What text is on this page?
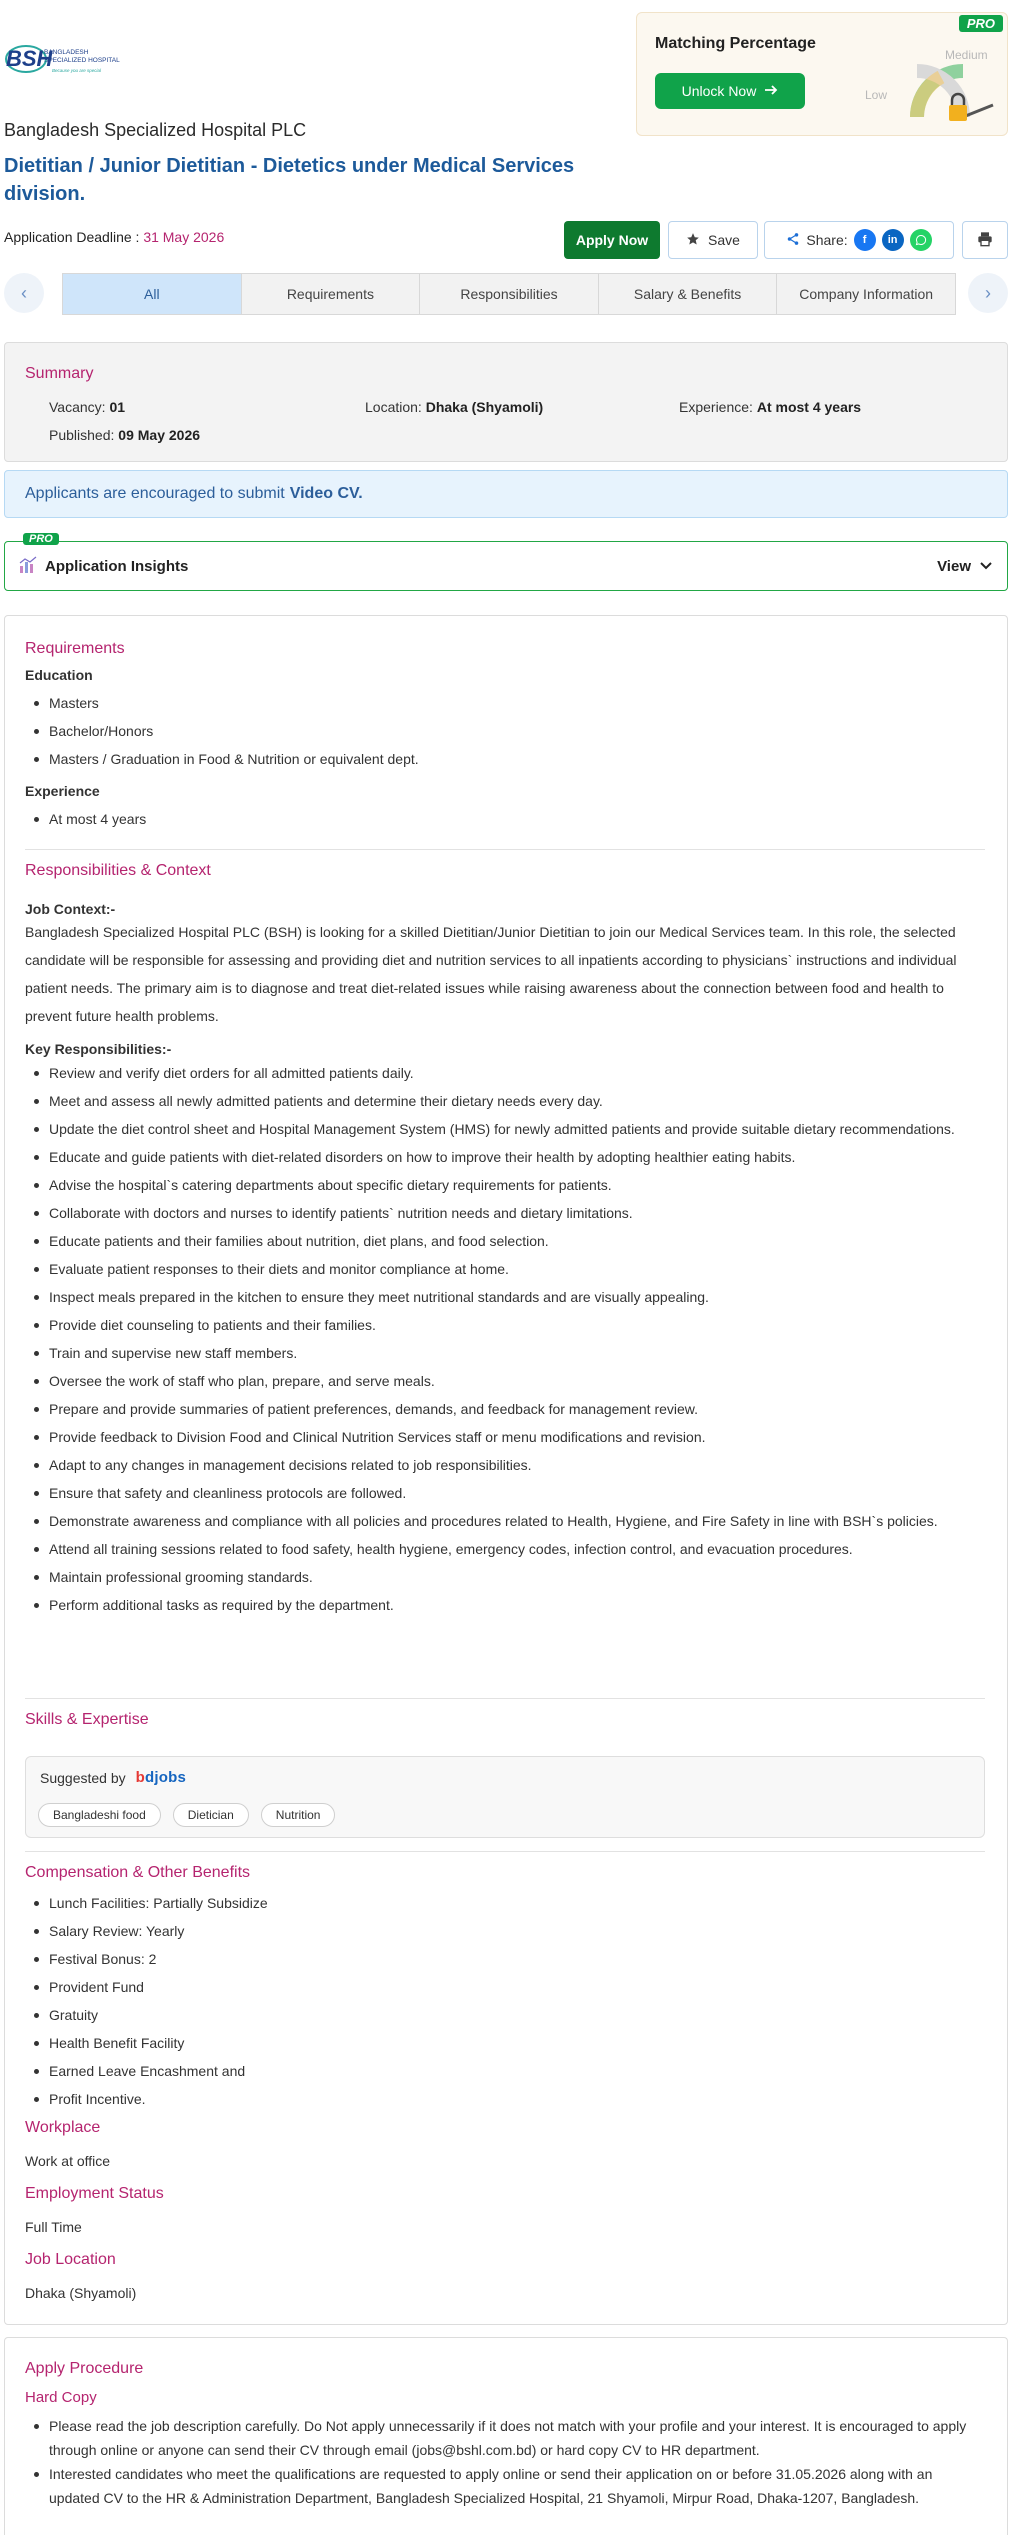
BSH
BANGLADESH
SPECIALIZED HOSPITAL
Because you are special
Bangladesh Specialized Hospital PLC
Dietitian / Junior Dietitian - Dietetics under Medical Services division.
Application Deadline : 31 May 2026
Matching Percentage
Unlock Now
PRO
Medium
Low
Apply Now	Save	Share:	f	in
‹	All	Requirements	Responsibilities	Salary & Benefits	Company Information	›
Summary
Vacancy: 01	Location: Dhaka (Shyamoli)	Experience: At most 4 years
Published: 09 May 2026
Applicants are encouraged to submit Video CV.
PRO
Application Insights	View
Requirements
Education
Masters
Bachelor/Honors
Masters / Graduation in Food & Nutrition or equivalent dept.
Experience
At most 4 years
Responsibilities & Context
Job Context:-
Bangladesh Specialized Hospital PLC (BSH) is looking for a skilled Dietitian/Junior Dietitian to join our Medical Services team. In this role, the selected candidate will be responsible for assessing and providing diet and nutrition services to all inpatients according to physicians` instructions and individual patient needs. The primary aim is to diagnose and treat diet-related issues while raising awareness about the connection between food and health to prevent future health problems.
Key Responsibilities:-
Review and verify diet orders for all admitted patients daily.
Meet and assess all newly admitted patients and determine their dietary needs every day.
Update the diet control sheet and Hospital Management System (HMS) for newly admitted patients and provide suitable dietary recommendations.
Educate and guide patients with diet-related disorders on how to improve their health by adopting healthier eating habits.
Advise the hospital`s catering departments about specific dietary requirements for patients.
Collaborate with doctors and nurses to identify patients` nutrition needs and dietary limitations.
Educate patients and their families about nutrition, diet plans, and food selection.
Evaluate patient responses to their diets and monitor compliance at home.
Inspect meals prepared in the kitchen to ensure they meet nutritional standards and are visually appealing.
Provide diet counseling to patients and their families.
Train and supervise new staff members.
Oversee the work of staff who plan, prepare, and serve meals.
Prepare and provide summaries of patient preferences, demands, and feedback for management review.
Provide feedback to Division Food and Clinical Nutrition Services staff or menu modifications and revision.
Adapt to any changes in management decisions related to job responsibilities.
Ensure that safety and cleanliness protocols are followed.
Demonstrate awareness and compliance with all policies and procedures related to Health, Hygiene, and Fire Safety in line with BSH`s policies.
Attend all training sessions related to food safety, health hygiene, emergency codes, infection control, and evacuation procedures.
Maintain professional grooming standards.
Perform additional tasks as required by the department.
Skills & Expertise
Suggested by bdjobs
Bangladeshi food	Dietician	Nutrition
Compensation & Other Benefits
Lunch Facilities: Partially Subsidize
Salary Review: Yearly
Festival Bonus: 2
Provident Fund
Gratuity
Health Benefit Facility
Earned Leave Encashment and
Profit Incentive.
Workplace
Work at office
Employment Status
Full Time
Job Location
Dhaka (Shyamoli)
Apply Procedure
Hard Copy
Please read the job description carefully. Do Not apply unnecessarily if it does not match with your profile and your interest. It is encouraged to apply through online or anyone can send their CV through email (jobs@bshl.com.bd) or hard copy CV to HR department.
Interested candidates who meet the qualifications are requested to apply online or send their application on or before 31.05.2026 along with an updated CV to the HR & Administration Department, Bangladesh Specialized Hospital, 21 Shyamoli, Mirpur Road, Dhaka-1207, Bangladesh.
